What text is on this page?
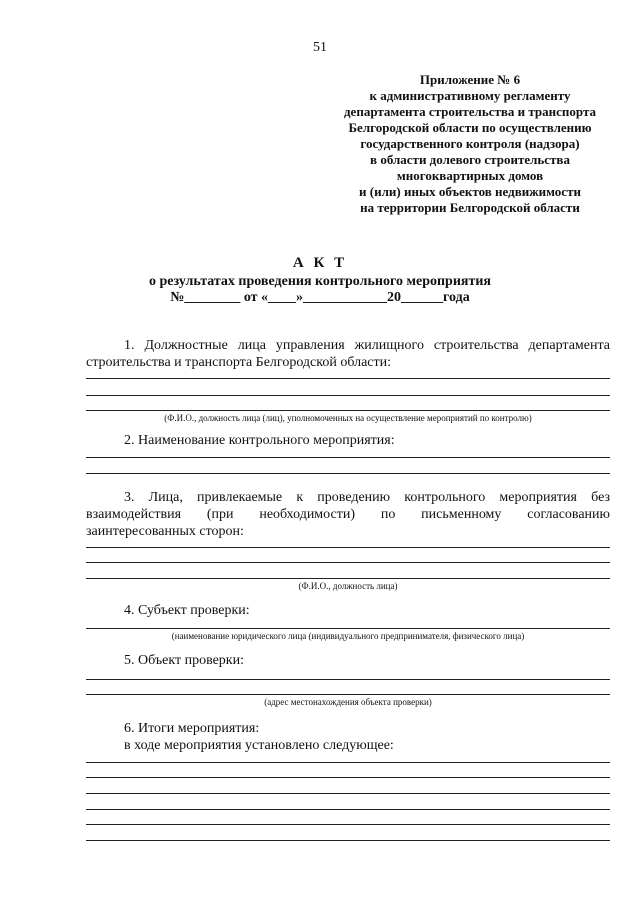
51
Приложение № 6
к административному регламенту
департамента строительства и транспорта
Белгородской области по осуществлению
государственного контроля (надзора)
в области долевого строительства
многоквартирных домов
и (или) иных объектов недвижимости
на территории Белгородской области
А К Т
о результатах проведения контрольного мероприятия
№________ от «____»____________20______года
1. Должностные лица управления жилищного строительства департамента строительства и транспорта Белгородской области:
(Ф.И.О., должность лица (лиц), уполномоченных на осуществление мероприятий по контролю)
2. Наименование контрольного мероприятия:
3. Лица, привлекаемые к проведению контрольного мероприятия без взаимодействия (при необходимости) по письменному согласованию заинтересованных сторон:
(Ф.И.О., должность лица)
4. Субъект проверки:
(наименование юридического лица (индивидуального предпринимателя, физического лица)
5. Объект проверки:
(адрес местонахождения объекта проверки)
6. Итоги мероприятия:
в ходе мероприятия установлено следующее:
